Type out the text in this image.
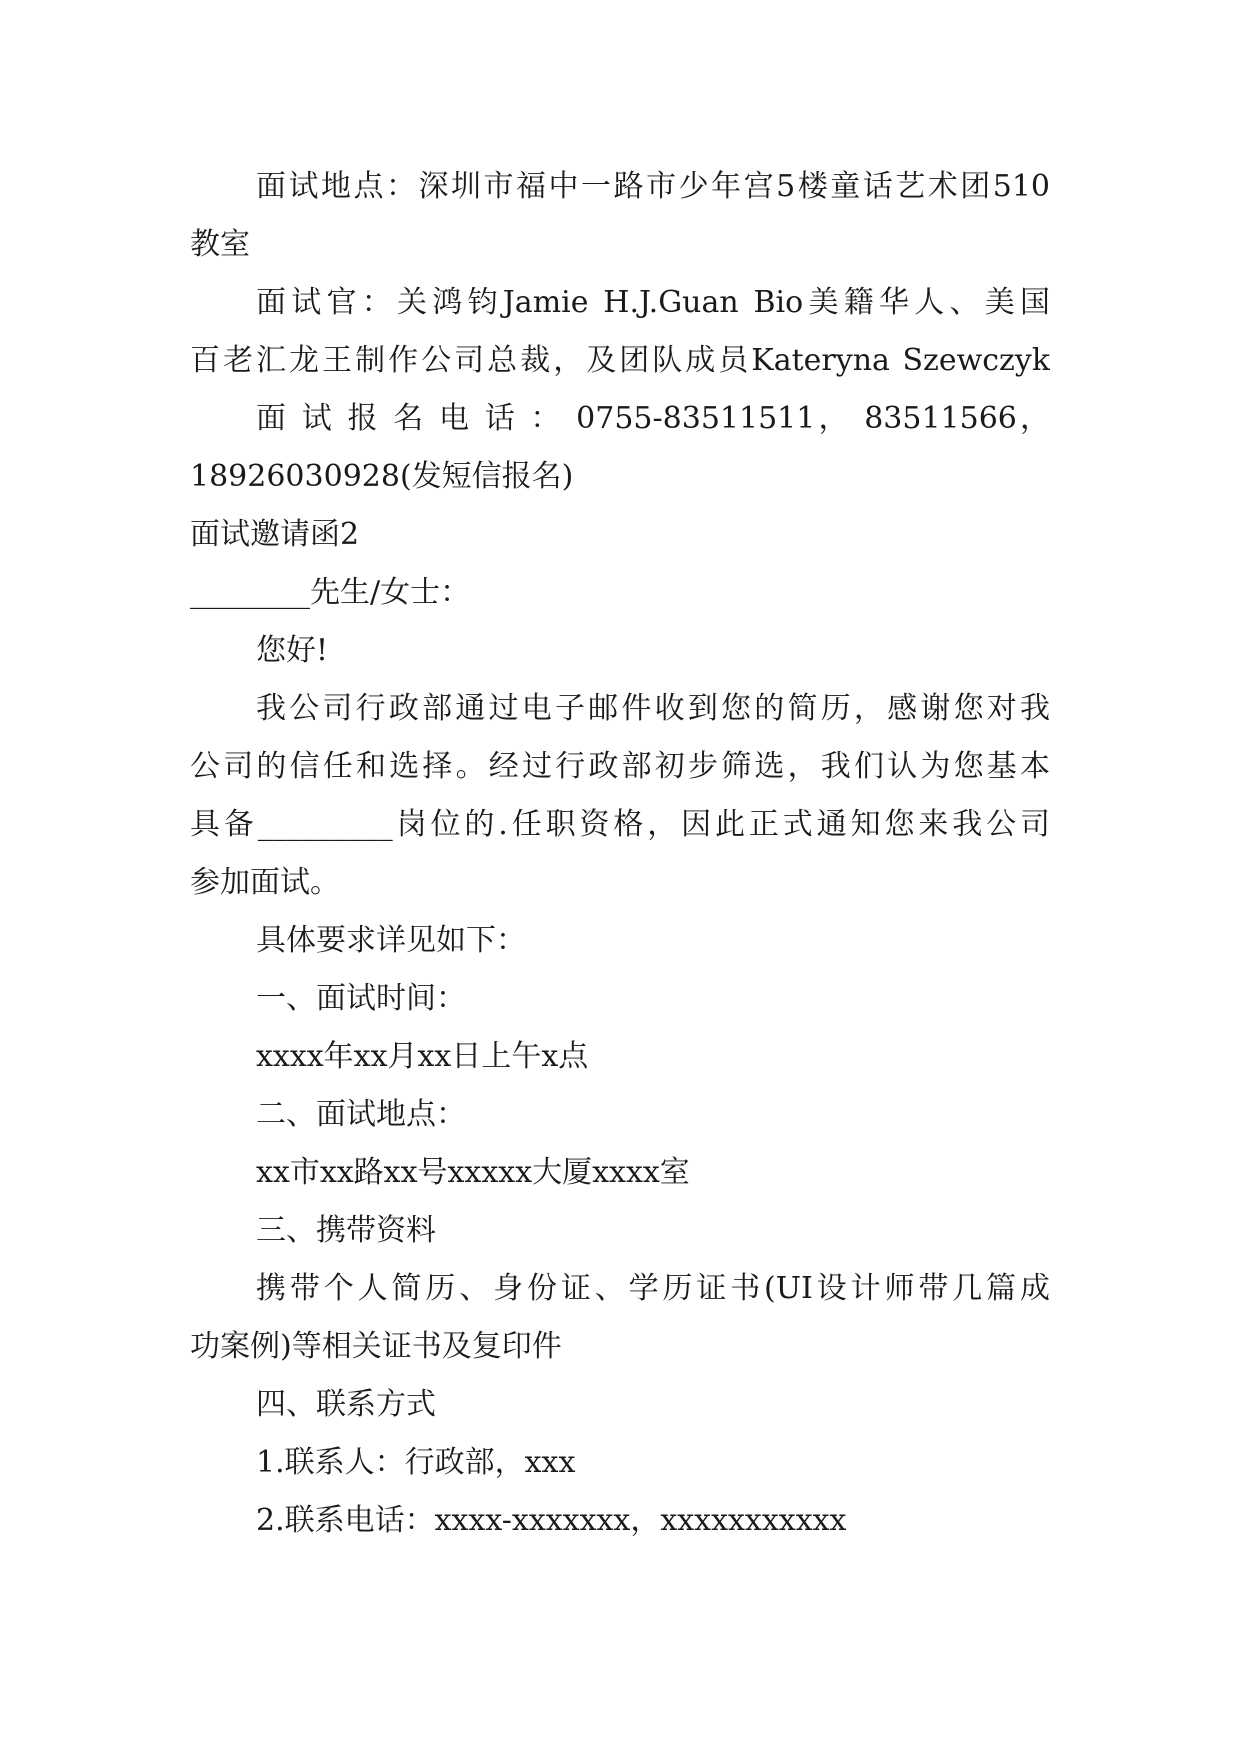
面试地点：深圳市福中一路市少年宫5楼童话艺术团510
教室
面试官：关鸿钧Jamie H.J.Guan Bio美籍华人、美国
百老汇龙王制作公司总裁，及团队成员Kateryna Szewczyk
面 试 报 名 电 话 ： 0755-83511511， 83511566，
18926030928(发短信报名)
面试邀请函2
________先生/女士：
您好!
我公司行政部通过电子邮件收到您的简历，感谢您对我
公司的信任和选择。经过行政部初步筛选，我们认为您基本
具备_________岗位的.任职资格，因此正式通知您来我公司
参加面试。
具体要求详见如下：
一、面试时间：
xxxx年xx月xx日上午x点
二、面试地点：
xx市xx路xx号xxxxx大厦xxxx室
三、携带资料
携带个人简历、身份证、学历证书(UI设计师带几篇成
功案例)等相关证书及复印件
四、联系方式
1.联系人：行政部，xxx
2.联系电话：xxxx-xxxxxxx，xxxxxxxxxxx
